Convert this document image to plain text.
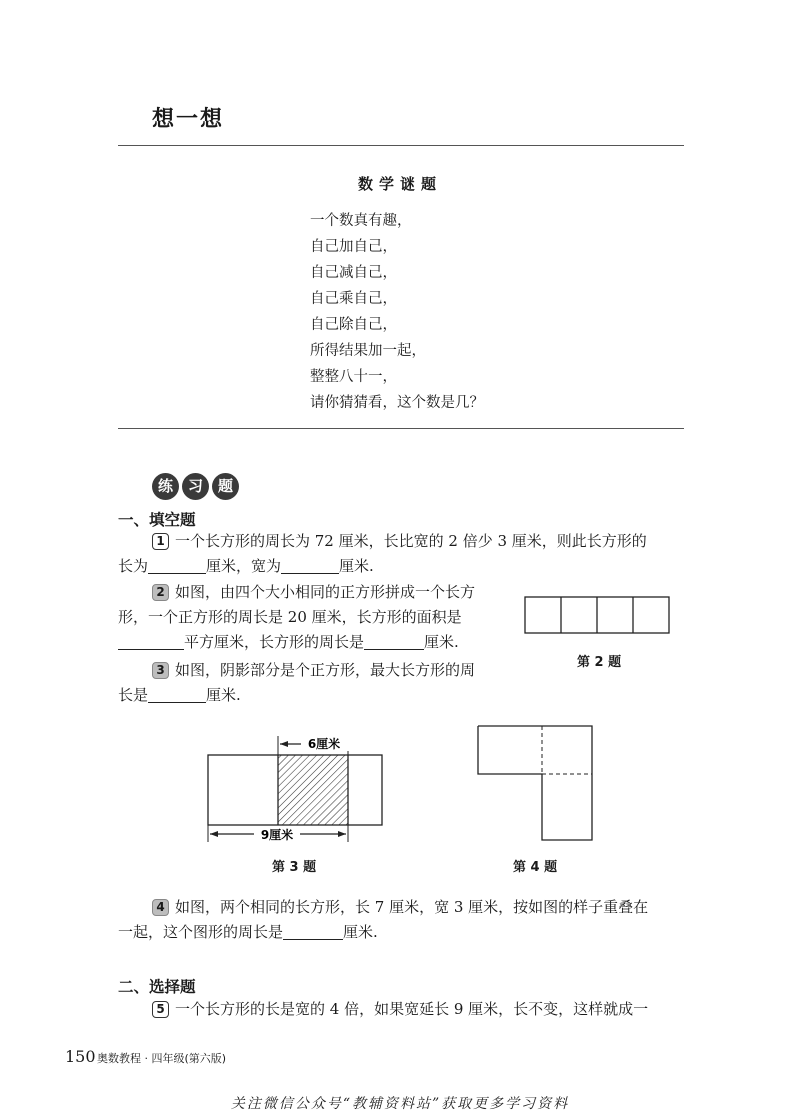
想一想
数学谜题
一个数真有趣，
自己加自己，
自己减自己，
自己乘自己，
自己除自己，
所得结果加一起，
整整八十一，
请你猜猜看，这个数是几？
练 习 题
一、填空题
1 一个长方形的周长为 72 厘米，长比宽的 2 倍少 3 厘米，则此长方形的
长为	厘米，宽为	厘米.
2 如图，由四个大小相同的正方形拼成一个长方
形，一个正方形的周长是 20 厘米，长方形的面积是
平方厘米，长方形的周长是	厘米.
第 2 题
3 如图，阴影部分是个正方形，最大长方形的周
长是	厘米.
6厘米
9厘米
第 3 题	第 4 题
4 如图，两个相同的长方形，长 7 厘米，宽 3 厘米，按如图的样子重叠在
一起，这个图形的周长是	厘米.
二、选择题
5 一个长方形的长是宽的 4 倍，如果宽延长 9 厘米，长不变，这样就成一
150 奥数教程 · 四年级(第六版)
关注微信公众号“教辅资料站”获取更多学习资料
